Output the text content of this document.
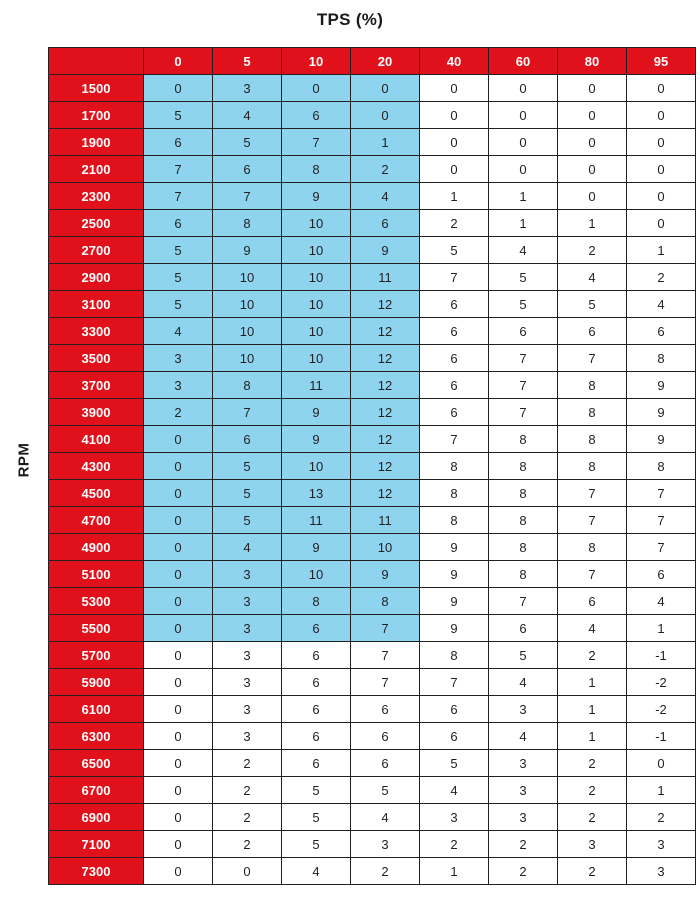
TPS (%)
RPM
	0	5	10	20	40	60	80	95
1500	0	3	0	0	0	0	0	0
1700	5	4	6	0	0	0	0	0
1900	6	5	7	1	0	0	0	0
2100	7	6	8	2	0	0	0	0
2300	7	7	9	4	1	1	0	0
2500	6	8	10	6	2	1	1	0
2700	5	9	10	9	5	4	2	1
2900	5	10	10	11	7	5	4	2
3100	5	10	10	12	6	5	5	4
3300	4	10	10	12	6	6	6	6
3500	3	10	10	12	6	7	7	8
3700	3	8	11	12	6	7	8	9
3900	2	7	9	12	6	7	8	9
4100	0	6	9	12	7	8	8	9
4300	0	5	10	12	8	8	8	8
4500	0	5	13	12	8	8	7	7
4700	0	5	11	11	8	8	7	7
4900	0	4	9	10	9	8	8	7
5100	0	3	10	9	9	8	7	6
5300	0	3	8	8	9	7	6	4
5500	0	3	6	7	9	6	4	1
5700	0	3	6	7	8	5	2	-1
5900	0	3	6	7	7	4	1	-2
6100	0	3	6	6	6	3	1	-2
6300	0	3	6	6	6	4	1	-1
6500	0	2	6	6	5	3	2	0
6700	0	2	5	5	4	3	2	1
6900	0	2	5	4	3	3	2	2
7100	0	2	5	3	2	2	3	3
7300	0	0	4	2	1	2	2	3
